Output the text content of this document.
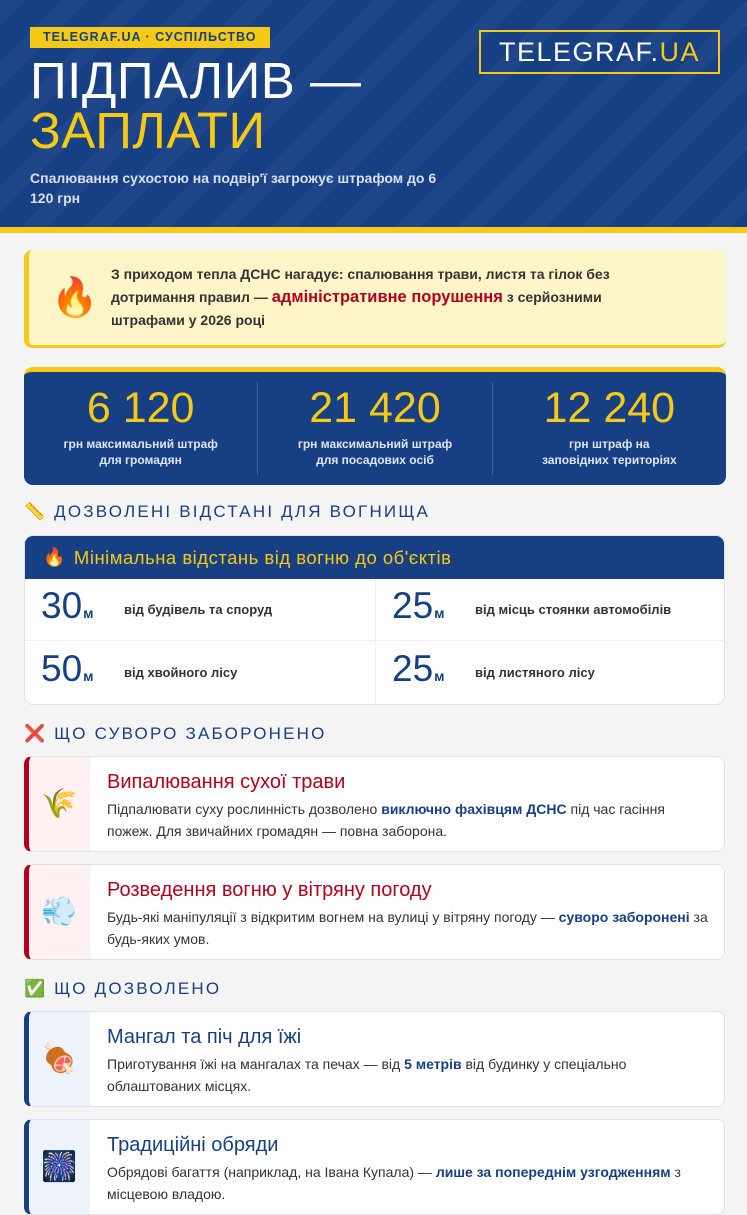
TELEGRAF.UA · СУСПІЛЬСТВО
ПІДПАЛИВ —
ЗАПЛАТИ

Спалювання сухостою на подвір'ї загрожує штрафом до 6 120 грн

TELEGRAF. UA
🔥

З приходом тепла ДСНС нагадує: спалювання трави, листя та гілок без дотримання правил — адміністративне порушення з серйозними штрафами у 2026 році

6 120
грн максимальний штраф
для громадян
21 420
грн максимальний штраф
для посадових осіб
12 240
грн штраф на
заповідних територіях
📏 ДОЗВОЛЕНІ ВІДСТАНІ ДЛЯ ВОГНИЩА
🔥 Мінімальна відстань від вогню до об'єктів
30м	від будівель та споруд	25м	від місць стоянки автомобілів
50м	від хвойного лісу	25м	від листяного лісу
❌ ЩО СУВОРО ЗАБОРОНЕНО
🌾
Випалювання сухої трави

Підпалювати суху рослинність дозволено виключно фахівцям ДСНС під час гасіння пожеж. Для звичайних громадян — повна заборона.

💨
Розведення вогню у вітряну погоду

Будь-які маніпуляції з відкритим вогнем на вулиці у вітряну погоду — суворо заборонені за будь-яких умов.

✅ ЩО ДОЗВОЛЕНО
🍖
Мангал та піч для їжі

Приготування їжі на мангалах та печах — від 5 метрів від будинку у спеціально облаштованих місцях.

🎆
Традиційні обряди

Обрядові багаття (наприклад, на Івана Купала) — лише за попереднім узгодженням з місцевою владою.
